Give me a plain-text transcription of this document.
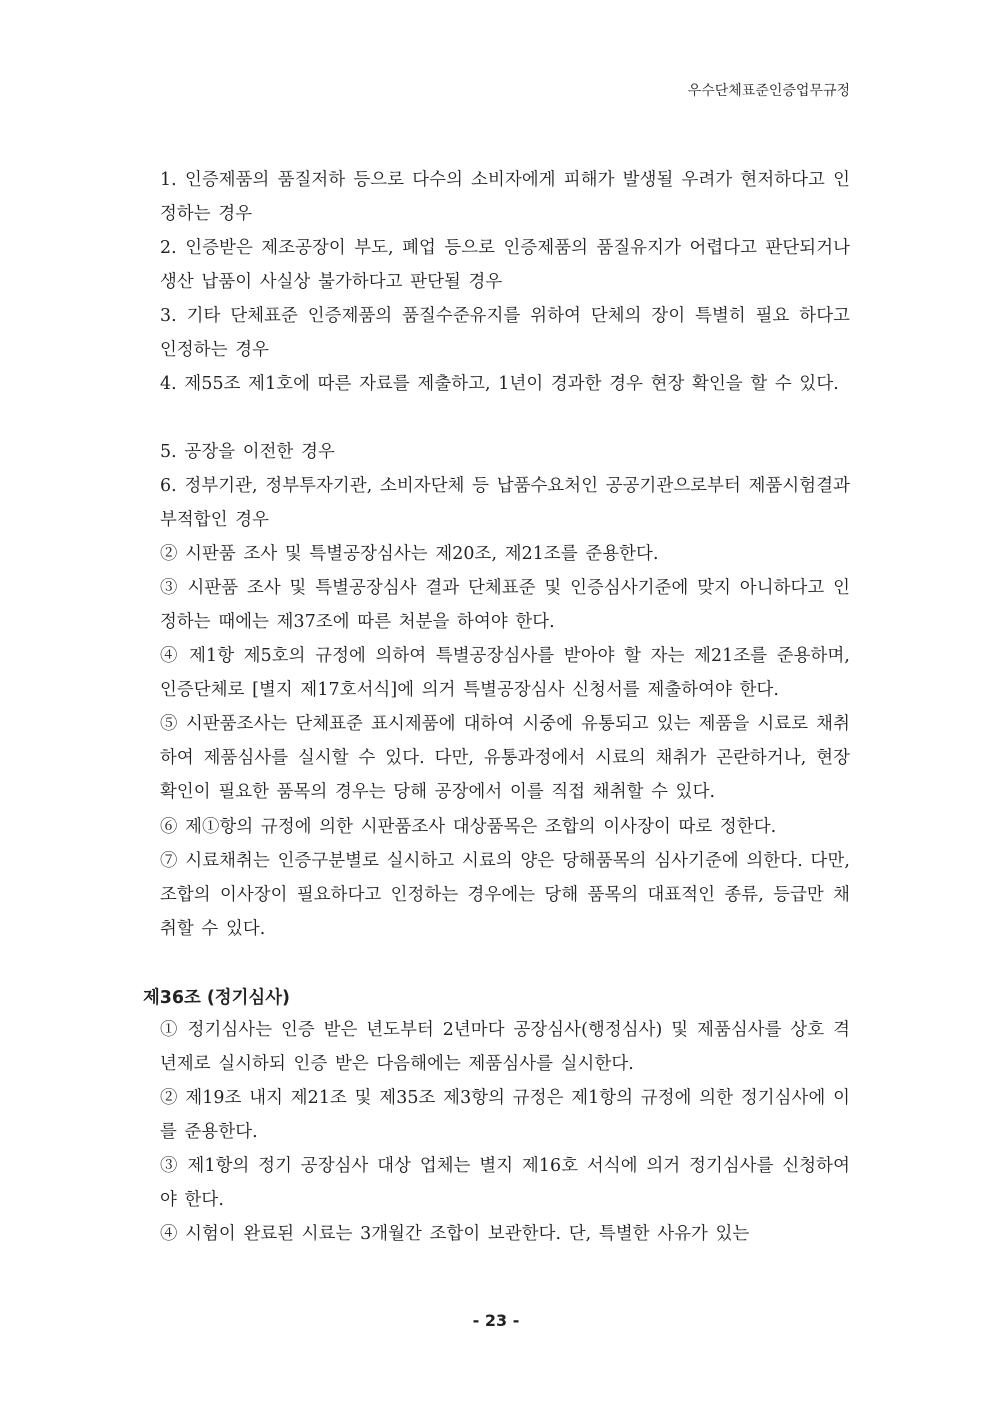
우수단체표준인증업무규정
1. 인증제품의 품질저하 등으로 다수의 소비자에게 피해가 발생될 우려가 현저하다고 인정하는 경우
2. 인증받은 제조공장이 부도, 폐업 등으로 인증제품의 품질유지가 어렵다고 판단되거나 생산 납품이 사실상 불가하다고 판단될 경우
3. 기타 단체표준 인증제품의 품질수준유지를 위하여 단체의 장이 특별히 필요 하다고 인정하는 경우
4. 제55조 제1호에 따른 자료를 제출하고, 1년이 경과한 경우 현장 확인을 할 수 있다.
5. 공장을 이전한 경우
6. 정부기관, 정부투자기관, 소비자단체 등 납품수요처인 공공기관으로부터 제품시험결과 부적합인 경우
② 시판품 조사 및 특별공장심사는 제20조, 제21조를 준용한다.
③ 시판품 조사 및 특별공장심사 결과 단체표준 및 인증심사기준에 맞지 아니하다고 인정하는 때에는 제37조에 따른 처분을 하여야 한다.
④ 제1항 제5호의 규정에 의하여 특별공장심사를 받아야 할 자는 제21조를 준용하며, 인증단체로 [별지 제17호서식]에 의거 특별공장심사 신청서를 제출하여야 한다.
⑤ 시판품조사는 단체표준 표시제품에 대하여 시중에 유통되고 있는 제품을 시료로 채취하여 제품심사를 실시할 수 있다. 다만, 유통과정에서 시료의 채취가 곤란하거나, 현장 확인이 필요한 품목의 경우는 당해 공장에서 이를 직접 채취할 수 있다.
⑥ 제①항의 규정에 의한 시판품조사 대상품목은 조합의 이사장이 따로 정한다.
⑦ 시료채취는 인증구분별로 실시하고 시료의 양은 당해품목의 심사기준에 의한다. 다만, 조합의 이사장이 필요하다고 인정하는 경우에는 당해 품목의 대표적인 종류, 등급만 채취할 수 있다.
제36조 (정기심사)
① 정기심사는 인증 받은 년도부터 2년마다 공장심사(행정심사) 및 제품심사를 상호 격년제로 실시하되 인증 받은 다음해에는 제품심사를 실시한다.
② 제19조 내지 제21조 및 제35조 제3항의 규정은 제1항의 규정에 의한 정기심사에 이를 준용한다.
③ 제1항의 정기 공장심사 대상 업체는 별지 제16호 서식에 의거 정기심사를 신청하여야 한다.
④ 시험이 완료된 시료는 3개월간 조합이 보관한다. 단, 특별한 사유가 있는
- 23 -
